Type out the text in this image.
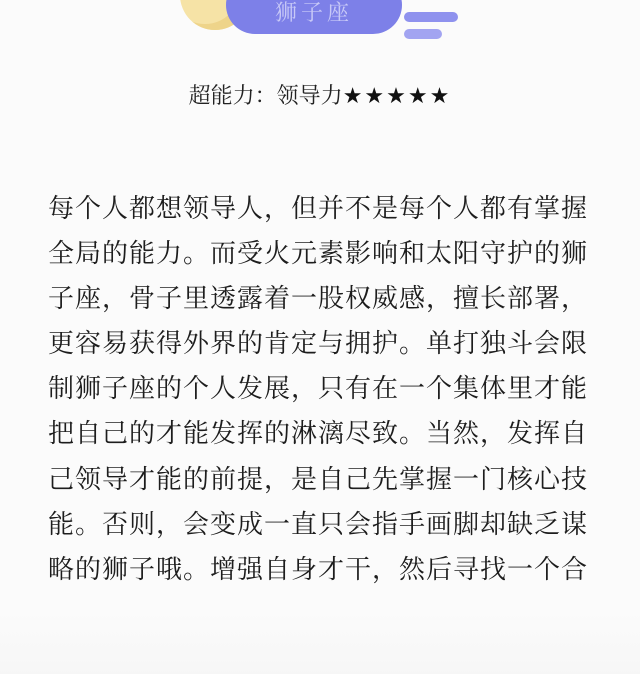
狮子座
超能力：领导力★★★★★
每个人都想领导人，但并不是每个人都有掌握
全局的能力。而受火元素影响和太阳守护的狮
子座，骨子里透露着一股权威感，擅长部署，
更容易获得外界的肯定与拥护。单打独斗会限
制狮子座的个人发展，只有在一个集体里才能
把自己的才能发挥的淋漓尽致。当然，发挥自
己领导才能的前提，是自己先掌握一门核心技
能。否则，会变成一直只会指手画脚却缺乏谋
略的狮子哦。增强自身才干，然后寻找一个合
